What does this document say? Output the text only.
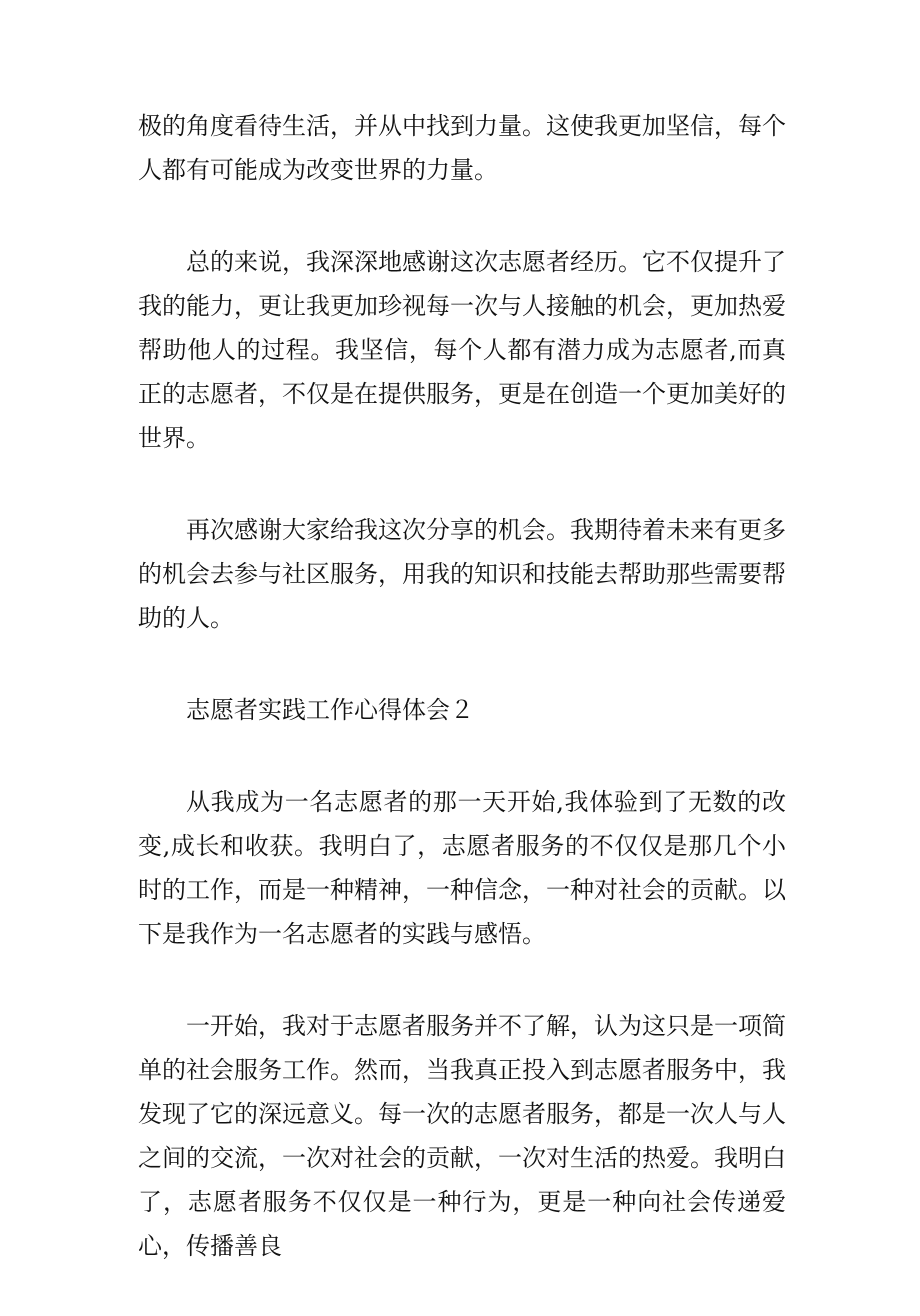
极的角度看待生活，并从中找到力量。这使我更加坚信，每个人都有可能成为改变世界的力量。

总的来说，我深深地感谢这次志愿者经历。它不仅提升了我的能力，更让我更加珍视每一次与人接触的机会，更加热爱帮助他人的过程。我坚信，每个人都有潜力成为志愿者,而真正的志愿者，不仅是在提供服务，更是在创造一个更加美好的世界。

再次感谢大家给我这次分享的机会。我期待着未来有更多的机会去参与社区服务，用我的知识和技能去帮助那些需要帮助的人。

志愿者实践工作心得体会２

从我成为一名志愿者的那一天开始,我体验到了无数的改变,成长和收获。我明白了，志愿者服务的不仅仅是那几个小时的工作，而是一种精神，一种信念，一种对社会的贡献。以下是我作为一名志愿者的实践与感悟。

一开始，我对于志愿者服务并不了解，认为这只是一项简单的社会服务工作。然而，当我真正投入到志愿者服务中，我发现了它的深远意义。每一次的志愿者服务，都是一次人与人之间的交流，一次对社会的贡献，一次对生活的热爱。我明白了，志愿者服务不仅仅是一种行为，更是一种向社会传递爱心，传播善良
